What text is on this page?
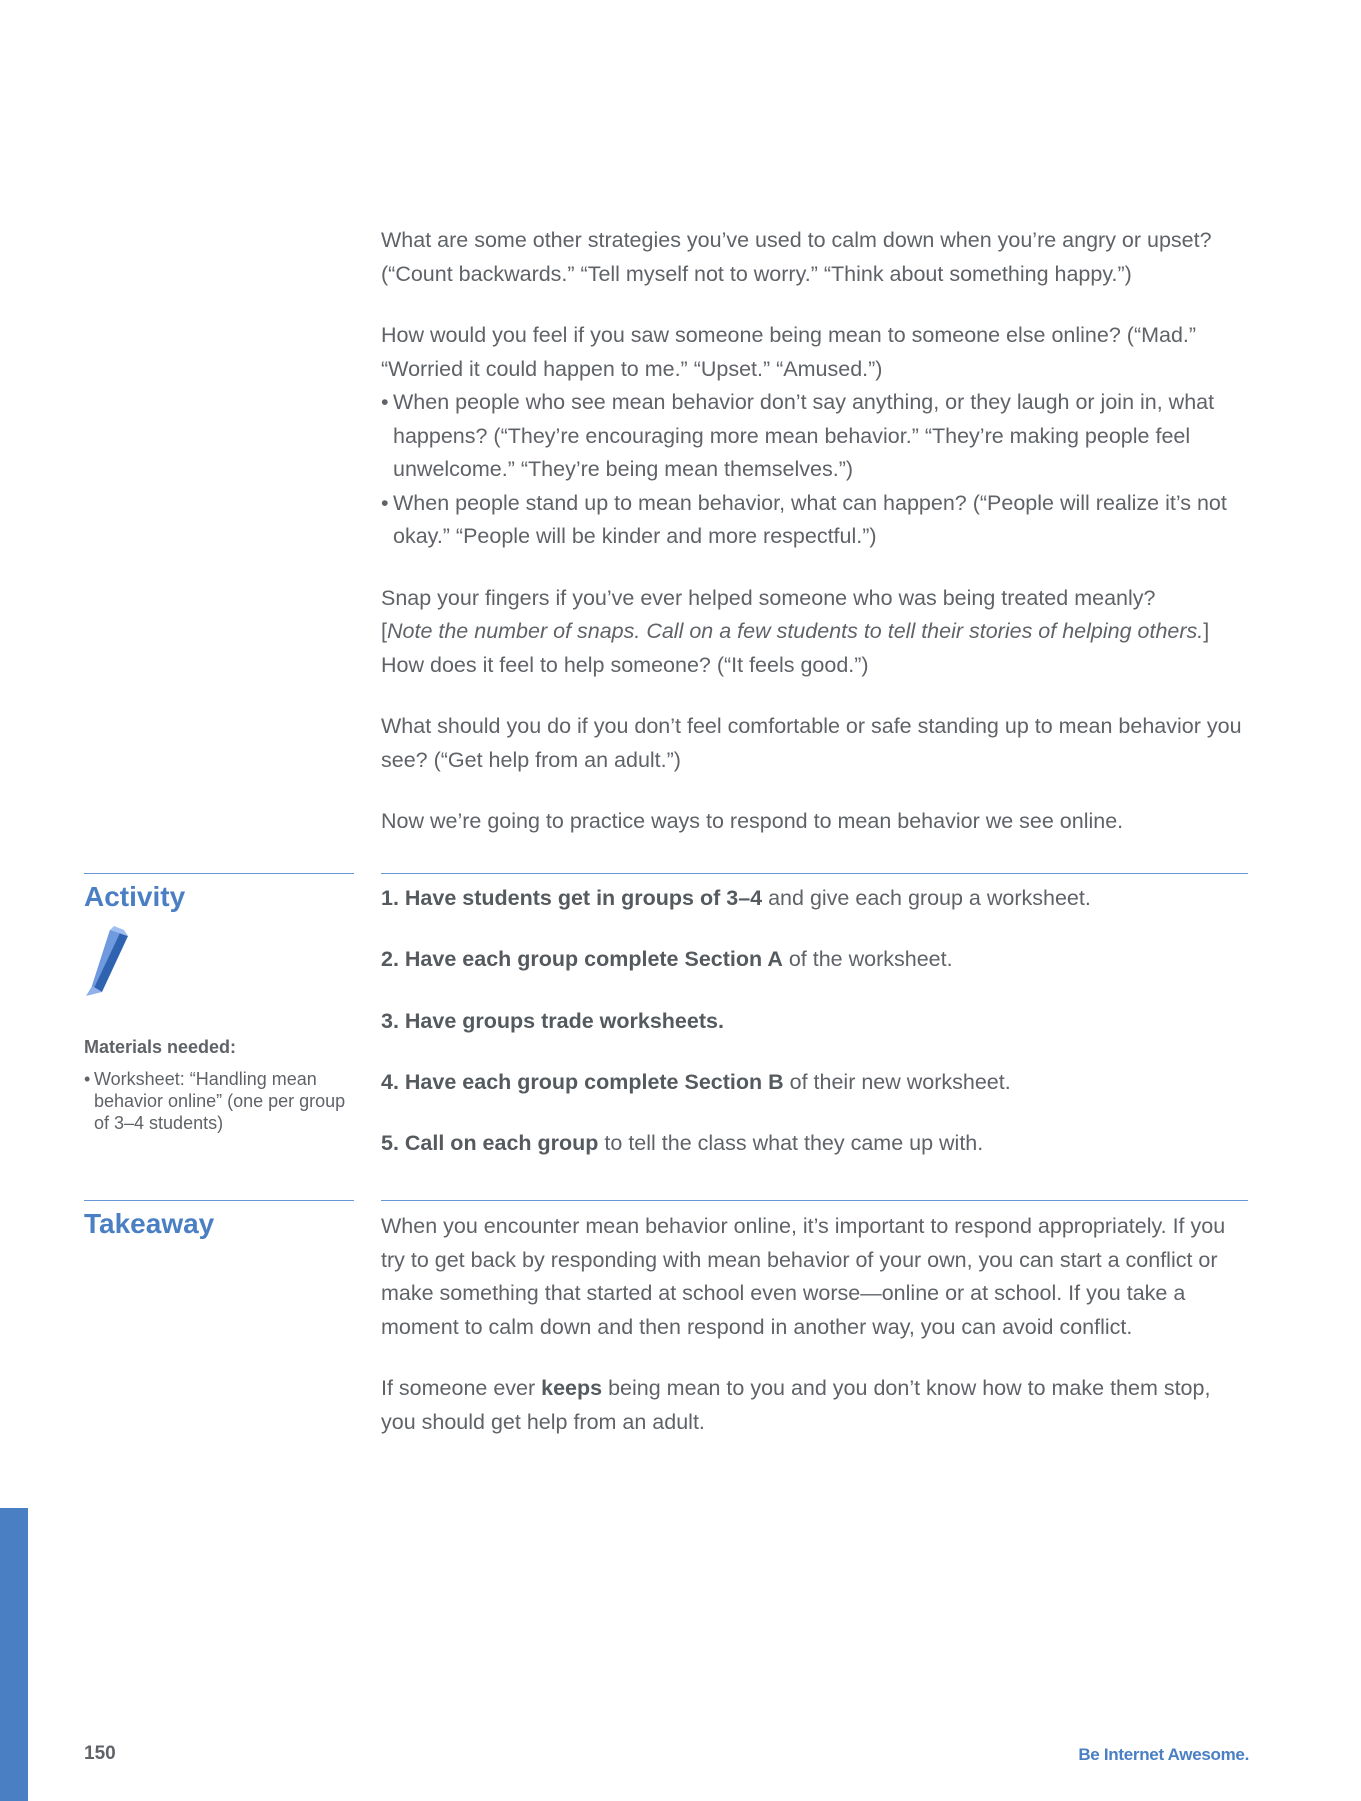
What are some other strategies you’ve used to calm down when you’re angry or upset? (“Count backwards.” “Tell myself not to worry.” “Think about something happy.”)

How would you feel if you saw someone being mean to someone else online? (“Mad.” “Worried it could happen to me.” “Upset.” “Amused.”)

• When people who see mean behavior don’t say anything, or they laugh or join in, what happens? (“They’re encouraging more mean behavior.” “They’re making people feel unwelcome.” “They’re being mean themselves.”)
• When people stand up to mean behavior, what can happen? (“People will realize it’s not okay.” “People will be kinder and more respectful.”)

Snap your fingers if you’ve ever helped someone who was being treated meanly?
[Note the number of snaps. Call on a few students to tell their stories of helping others.]
How does it feel to help someone? (“It feels good.”)

What should you do if you don’t feel comfortable or safe standing up to mean behavior you see? (“Get help from an adult.”)

Now we’re going to practice ways to respond to mean behavior we see online.

Activity
Materials needed:
• Worksheet: “Handling mean behavior online” (one per group of 3–4 students)
1. Have students get in groups of 3–4 and give each group a worksheet.
2. Have each group complete Section A of the worksheet.
3. Have groups trade worksheets.
4. Have each group complete Section B of their new worksheet.
5. Call on each group to tell the class what they came up with.
Takeaway	When you encounter mean behavior online, it’s important to respond appropriately. If you try to get back by responding with mean behavior of your own, you can start a conflict or make something that started at school even worse—online or at school. If you take a moment to calm down and then respond in another way, you can avoid conflict.

If someone ever keeps being mean to you and you don’t know how to make them stop, you should get help from an adult.

150	Be Internet Awesome.
